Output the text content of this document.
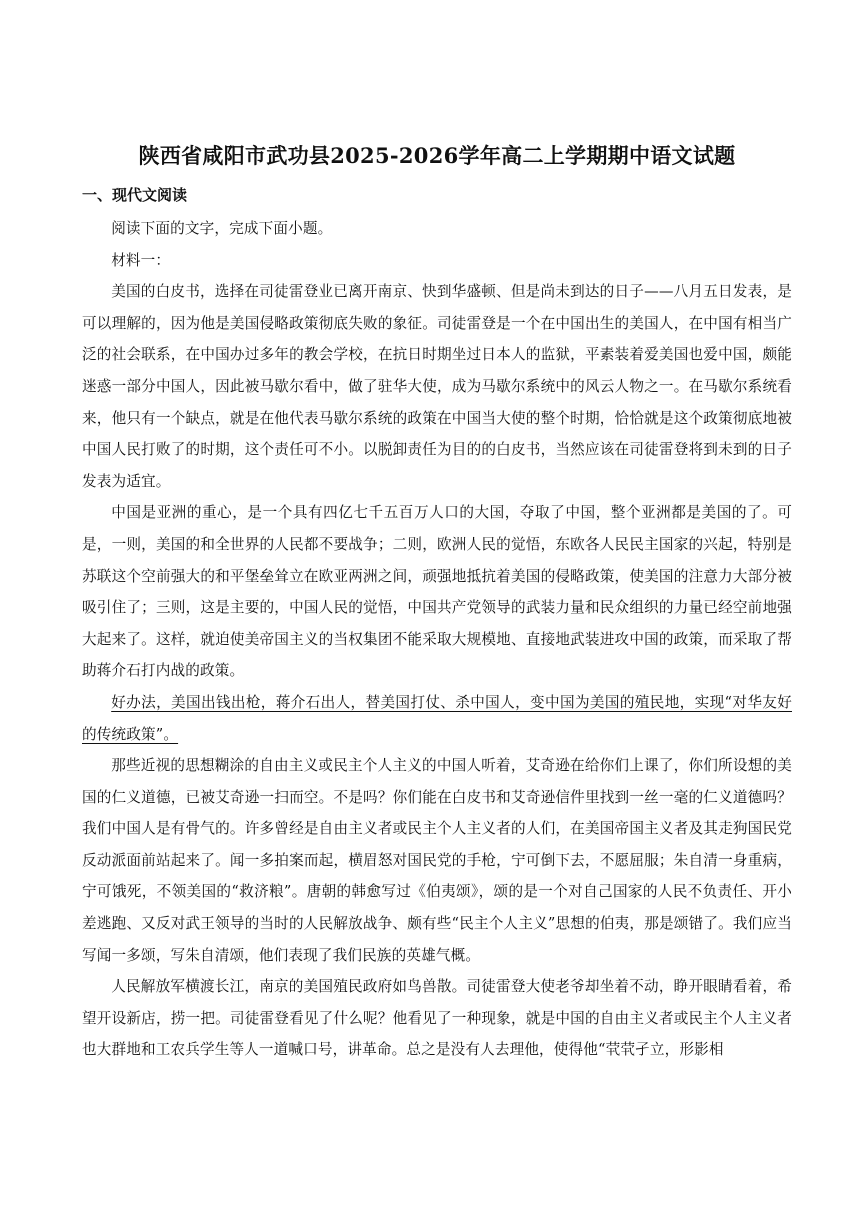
陕西省咸阳市武功县2025-2026学年高二上学期期中语文试题
一、现代文阅读

阅读下面的文字，完成下面小题。

材料一：

美国的白皮书，选择在司徒雷登业已离开南京、快到华盛顿、但是尚未到达的日子——八月五日发表，是可以理解的，因为他是美国侵略政策彻底失败的象征。司徒雷登是一个在中国出生的美国人，在中国有相当广泛的社会联系，在中国办过多年的教会学校，在抗日时期坐过日本人的监狱，平素装着爱美国也爱中国，颇能迷惑一部分中国人，因此被马歇尔看中，做了驻华大使，成为马歇尔系统中的风云人物之一。在马歇尔系统看来，他只有一个缺点，就是在他代表马歇尔系统的政策在中国当大使的整个时期，恰恰就是这个政策彻底地被中国人民打败了的时期，这个责任可不小。以脱卸责任为目的的白皮书，当然应该在司徒雷登将到未到的日子发表为适宜。

中国是亚洲的重心，是一个具有四亿七千五百万人口的大国，夺取了中国，整个亚洲都是美国的了。可是，一则，美国的和全世界的人民都不要战争；二则，欧洲人民的觉悟，东欧各人民民主国家的兴起，特别是苏联这个空前强大的和平堡垒耸立在欧亚两洲之间，顽强地抵抗着美国的侵略政策，使美国的注意力大部分被吸引住了；三则，这是主要的，中国人民的觉悟，中国共产党领导的武装力量和民众组织的力量已经空前地强大起来了。这样，就迫使美帝国主义的当权集团不能采取大规模地、直接地武装进攻中国的政策，而采取了帮助蒋介石打内战的政策。

好办法，美国出钱出枪，蒋介石出人，替美国打仗、杀中国人，变中国为美国的殖民地，实现“对华友好的传统政策”。

那些近视的思想糊涂的自由主义或民主个人主义的中国人听着，艾奇逊在给你们上课了，你们所设想的美国的仁义道德，已被艾奇逊一扫而空。不是吗？你们能在白皮书和艾奇逊信件里找到一丝一毫的仁义道德吗？我们中国人是有骨气的。许多曾经是自由主义者或民主个人主义者的人们，在美国帝国主义者及其走狗国民党反动派面前站起来了。闻一多拍案而起，横眉怒对国民党的手枪，宁可倒下去，不愿屈服；朱自清一身重病，宁可饿死，不领美国的“救济粮”。唐朝的韩愈写过《伯夷颂》，颂的是一个对自己国家的人民不负责任、开小差逃跑、又反对武王领导的当时的人民解放战争、颇有些“民主个人主义”思想的伯夷，那是颂错了。我们应当写闻一多颂，写朱自清颂，他们表现了我们民族的英雄气概。

人民解放军横渡长江，南京的美国殖民政府如鸟兽散。司徒雷登大使老爷却坐着不动，睁开眼睛看着，希望开设新店，捞一把。司徒雷登看见了什么呢？他看见了一种现象，就是中国的自由主义者或民主个人主义者也大群地和工农兵学生等人一道喊口号，讲革命。总之是没有人去理他，使得他“茕茕孑立，形影相
